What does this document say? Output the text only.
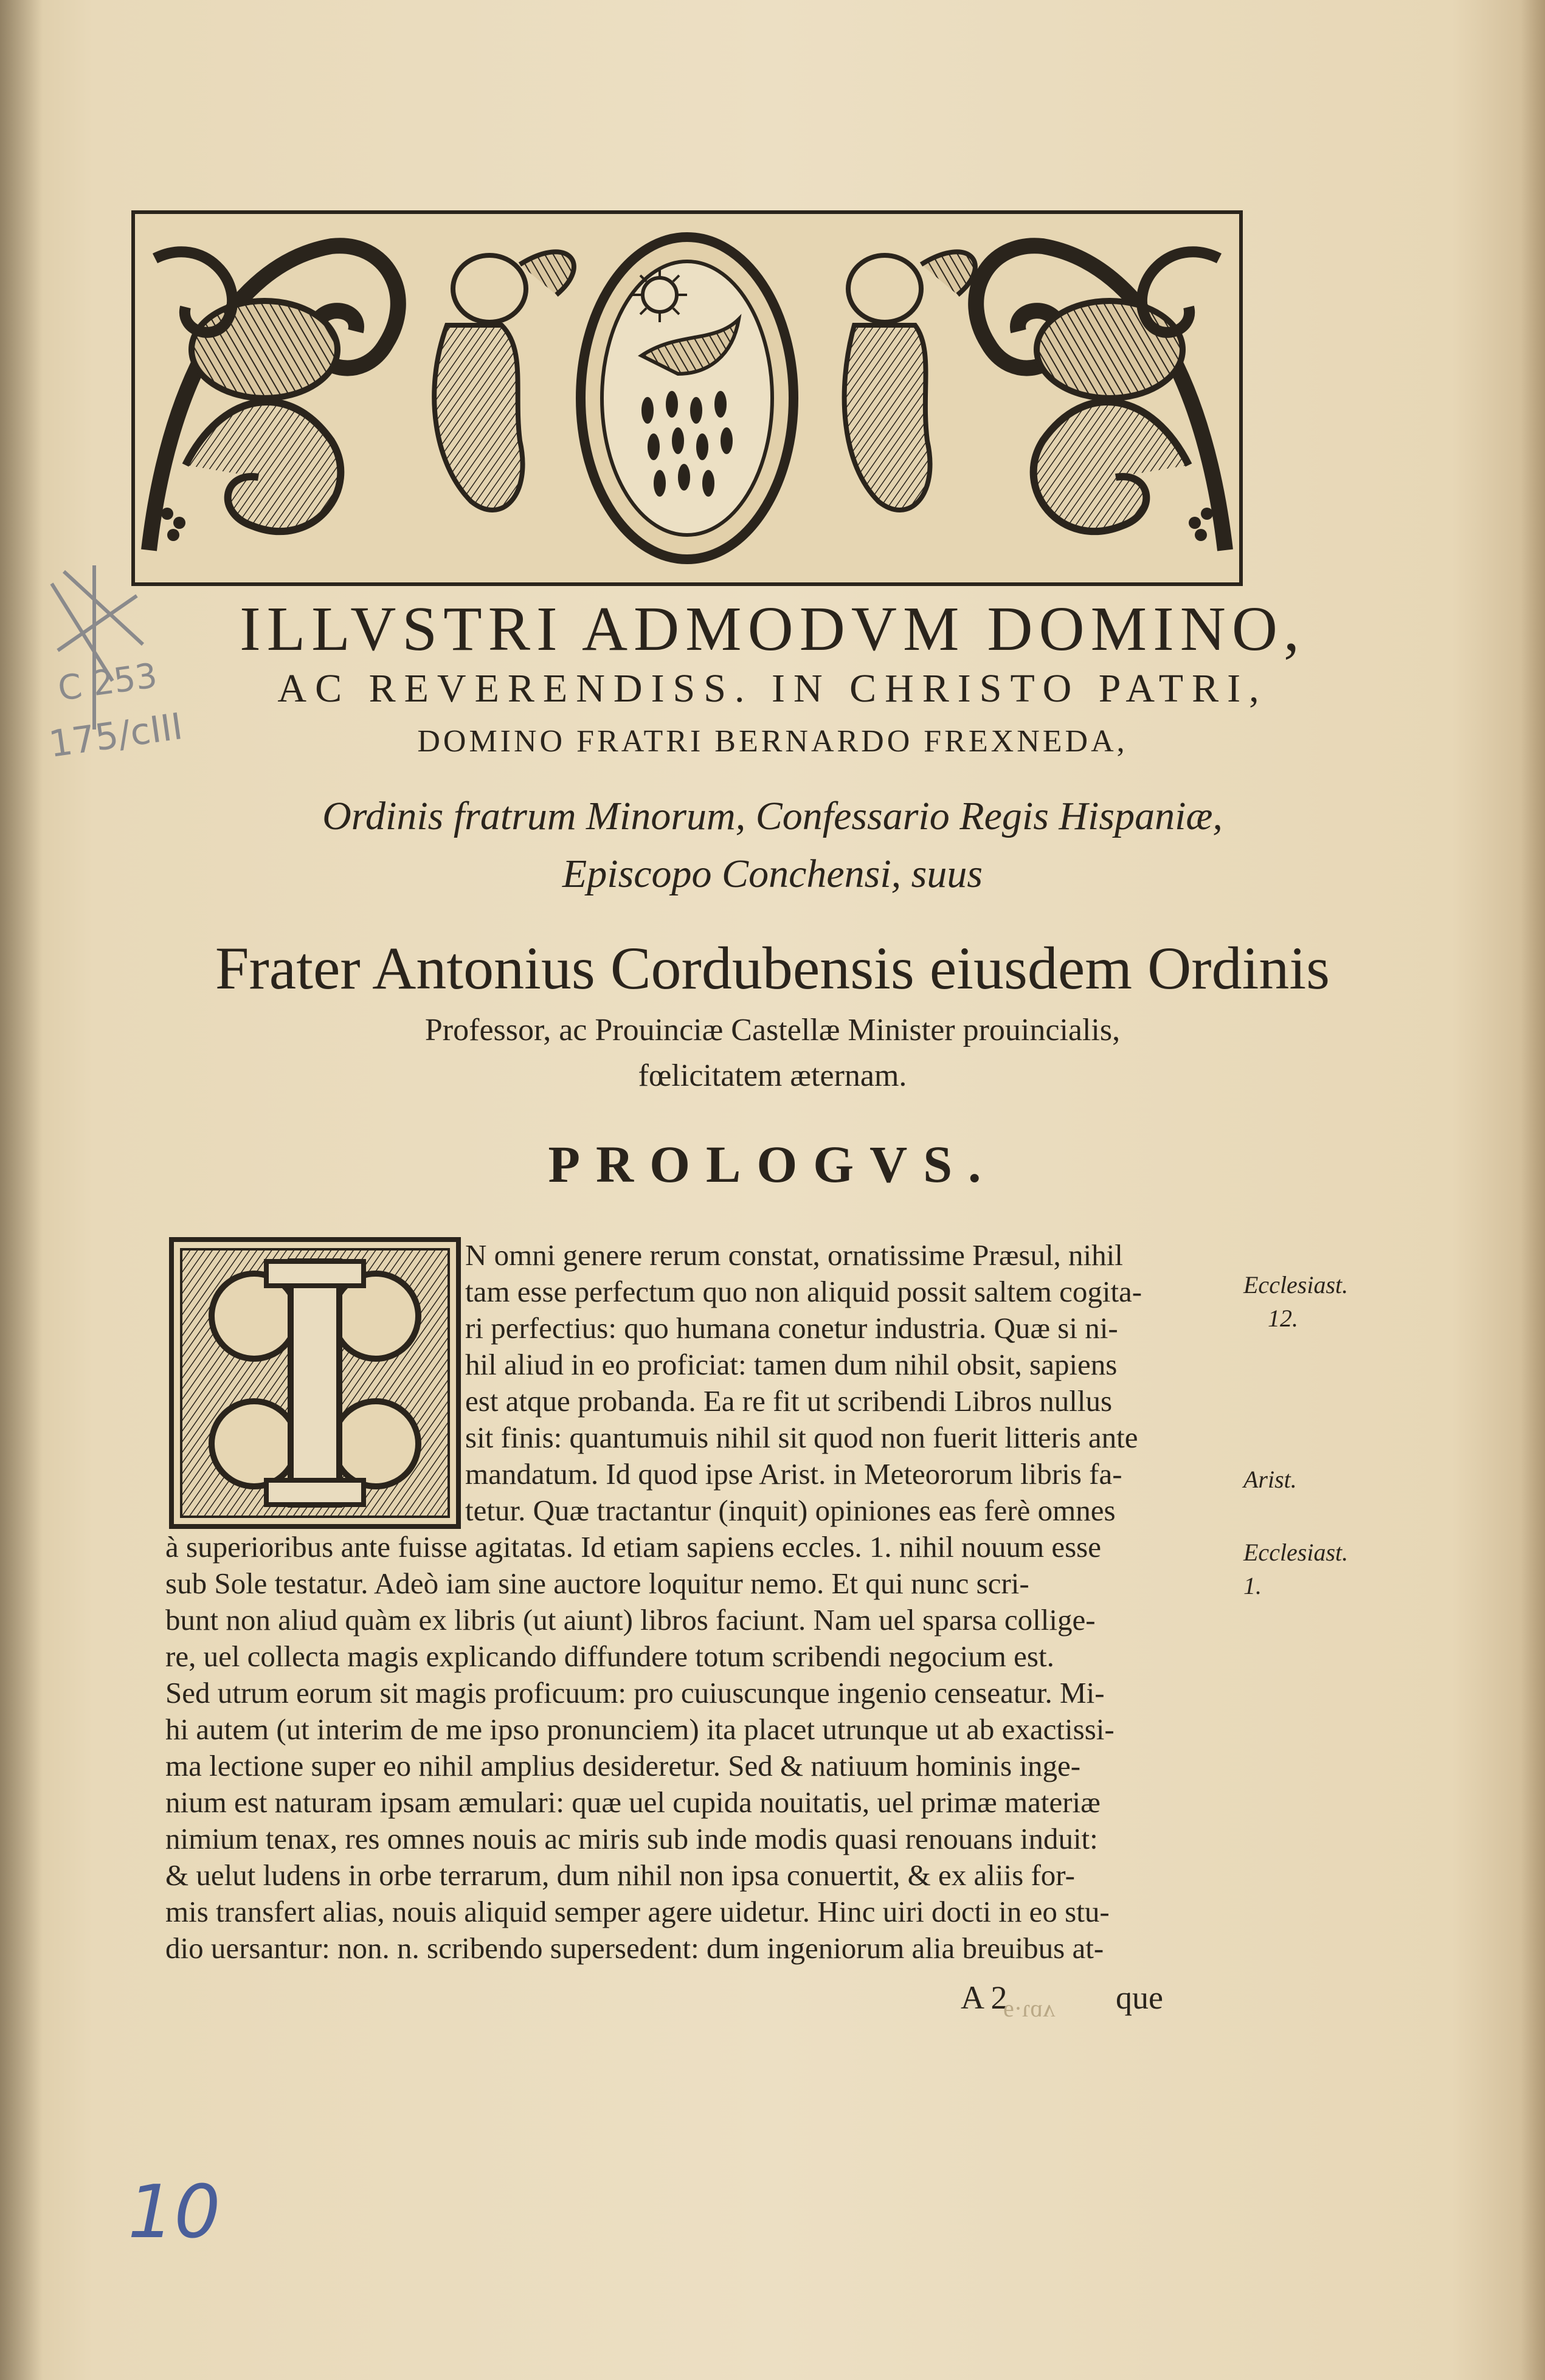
ILLVSTRI ADMODVM DOMINO,
AC REVERENDISS. IN CHRISTO PATRI,
DOMINO FRATRI BERNARDO FREXNEDA,
Ordinis fratrum Minorum, Confessario Regis Hispaniæ,
Episcopo Conchensi, suus
Frater Antonius Cordubensis eiusdem Ordinis
Professor, ac Prouinciæ Castellæ Minister prouincialis,
fœlicitatem æternam.
PROLOGVS.
N omni genere rerum constat, ornatissime Præsul, nihil
tam esse perfectum quo non aliquid possit saltem cogita-
ri perfectius: quo humana conetur industria. Quæ si ni-
hil aliud in eo proficiat: tamen dum nihil obsit, sapiens
est atque probanda. Ea re fit ut scribendi Libros nullus
sit finis: quantumuis nihil sit quod non fuerit litteris ante
mandatum. Id quod ipse Arist. in Meteororum libris fa-
tetur. Quæ tractantur (inquit) opiniones eas ferè omnes
à superioribus ante fuisse agitatas. Id etiam sapiens eccles. 1. nihil nouum esse
sub Sole testatur. Adeò iam sine auctore loquitur nemo. Et qui nunc scri-
bunt non aliud quàm ex libris (ut aiunt) libros faciunt. Nam uel sparsa collige-
re, uel collecta magis explicando diffundere totum scribendi negocium est.
Sed utrum eorum sit magis proficuum: pro cuiuscunque ingenio censeatur. Mi-
hi autem (ut interim de me ipso pronunciem) ita placet utrunque ut ab exactissi-
ma lectione super eo nihil amplius desideretur. Sed & natiuum hominis inge-
nium est naturam ipsam æmulari: quæ uel cupida nouitatis, uel primæ materiæ
nimium tenax, res omnes nouis ac miris sub inde modis quasi renouans induit:
& uelut ludens in orbe terrarum, dum nihil non ipsa conuertit, & ex aliis for-
mis transfert alias, nouis aliquid semper agere uidetur. Hinc uiri docti in eo stu-
dio uersantur: non. n. scribendo supersedent: dum ingeniorum alia breuibus at-
Ecclesiast.
12.
Arist.
Ecclesiast.
1.
A 2	que
ʌɒɿ·ɘ
C 253
175/cIII
10
